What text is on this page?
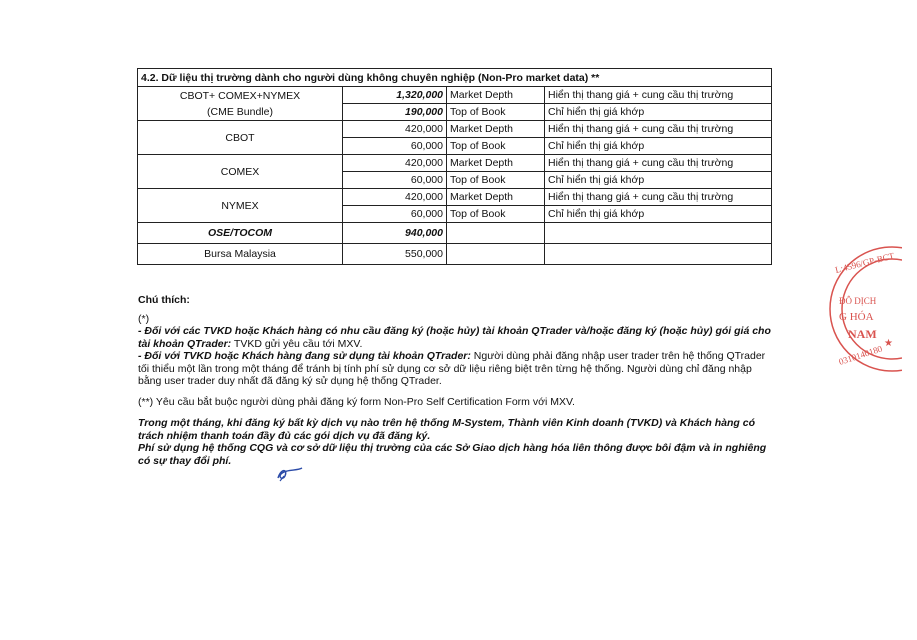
4.2. Dữ liệu thị trường dành cho người dùng không chuyên nghiệp (Non-Pro market data) **			
CBOT+ COMEX+NYMEX
(CME Bundle)	1,320,000	Market Depth	Hiển thị thang giá + cung cầu thị trường
	190,000	Top of Book	Chỉ hiển thị giá khớp
CBOT	420,000	Market Depth	Hiển thị thang giá + cung cầu thị trường
	60,000	Top of Book	Chỉ hiển thị giá khớp
COMEX	420,000	Market Depth	Hiển thị thang giá + cung cầu thị trường
	60,000	Top of Book	Chỉ hiển thị giá khớp
NYMEX	420,000	Market Depth	Hiển thị thang giá + cung cầu thị trường
	60,000	Top of Book	Chỉ hiển thị giá khớp
OSE/TOCOM	940,000		
Bursa Malaysia	550,000		

Chú thích:

(*)

- Đối với các TVKD hoặc Khách hàng có nhu cầu đăng ký (hoặc hủy) tài khoản QTrader và/hoặc đăng ký (hoặc hủy) gói giá cho tài khoản QTrader: TVKD gửi yêu cầu tới MXV.

- Đối với TVKD hoặc Khách hàng đang sử dụng tài khoản QTrader: Người dùng phải đăng nhập user trader trên hệ thống QTrader tối thiểu một lần trong một tháng để tránh bị tính phí sử dụng cơ sở dữ liệu riêng biệt trên từng hệ thống. Người dùng chỉ đăng nhập bằng user trader duy nhất đã đăng ký sử dụng hệ thống QTrader.

(**) Yêu cầu bắt buộc người dùng phải đăng ký form Non-Pro Self Certification Form với MXV.

Trong một tháng, khi đăng ký bất kỳ dịch vụ nào trên hệ thống M-System, Thành viên Kinh doanh (TVKD) và Khách hàng có trách nhiệm thanh toán đầy đủ các gói dịch vụ đã đăng ký.

Phí sử dụng hệ thống CQG và cơ sở dữ liệu thị trường của các Sở Giao dịch hàng hóa liên thông được bôi đậm và in nghiêng có sự thay đổi phí.

L:4596/GP-BCT
ĐÔ DỊCH
G HÓA
NAM
0310140180 ★
